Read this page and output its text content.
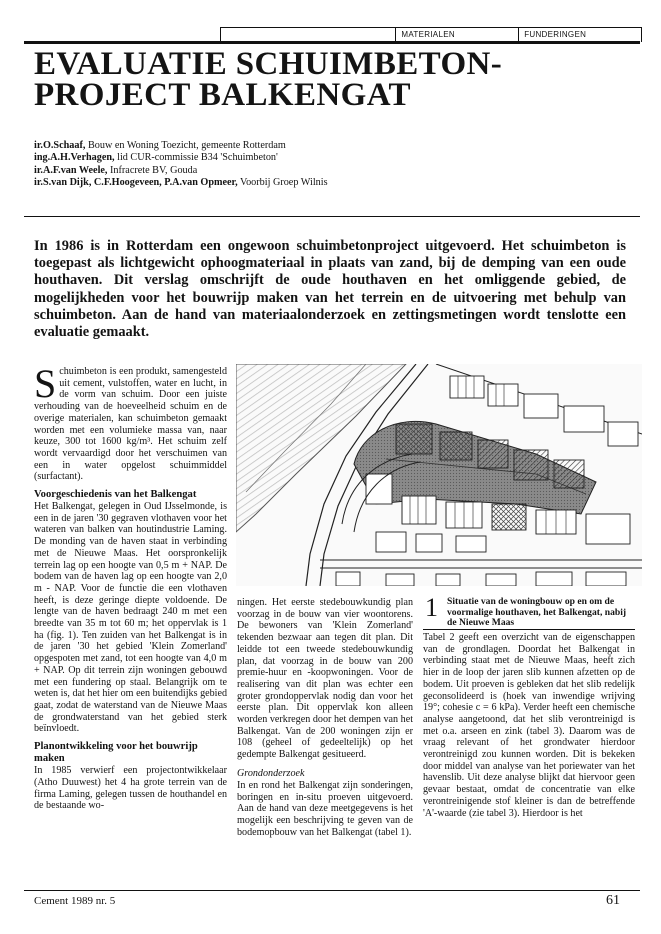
MATERIALEN	FUNDERINGEN
EVALUATIE SCHUIMBETON-
PROJECT BALKENGAT
ir.O.Schaaf, Bouw en Woning Toezicht, gemeente Rotterdam
ing.A.H.Verhagen, lid CUR-commissie B34 'Schuimbeton'
ir.A.F.van Weele, Infracrete BV, Gouda
ir.S.van Dijk, C.F.Hoogeveen, P.A.van Opmeer, Voorbij Groep Wilnis

In 1986 is in Rotterdam een ongewoon schuimbetonproject uitgevoerd. Het schuimbeton is toegepast als lichtgewicht ophoogmateriaal in plaats van zand, bij de demping van een oude houthaven. Dit verslag omschrijft de oude houthaven en het omliggende gebied, de mogelijkheden voor het bouwrijp maken van het terrein en de uitvoering met behulp van schuimbeton. Aan de hand van materiaalonderzoek en zettingsmetingen wordt tenslotte een evaluatie gemaakt.

Schuimbeton is een produkt, samengesteld uit cement, vulstoffen, water en lucht, in de vorm van schuim. Door een juiste verhouding van de hoeveelheid schuim en de overige materialen, kan schuimbeton gemaakt worden met een volumieke massa van, naar keuze, 300 tot 1600 kg/m³. Het schuim zelf wordt vervaardigd door het verschuimen van een in water opgelost schuimmiddel (surfactant).

Voorgeschiedenis van het Balkengat

Het Balkengat, gelegen in Oud IJsselmonde, is een in de jaren '30 gegraven vlothaven voor het wateren van balken van houtindustrie Laming. De monding van de haven staat in verbinding met de Nieuwe Maas. Het oorspronkelijk terrein lag op een hoogte van 0,5 m + NAP. De bodem van de haven lag op een hoogte van 2,0 m - NAP. Voor de functie die een vlothaven heeft, is deze geringe diepte voldoende. De lengte van de haven bedraagt 240 m met een breedte van 35 m tot 60 m; het oppervlak is 1 ha (fig. 1). Ten zuiden van het Balkengat is in de jaren '30 het gebied 'Klein Zomerland' opgespoten met zand, tot een hoogte van 4,0 m + NAP. Op dit terrein zijn woningen gebouwd met een fundering op staal. Belangrijk om te weten is, dat het hier om een buitendijks gebied gaat, zodat de waterstand van de Nieuwe Maas de grondwaterstand van het gebied sterk beïnvloedt.

Planontwikkeling voor het bouwrijp maken

In 1985 verwierf een projectontwikkelaar (Atho Duuwest) het 4 ha grote terrein van de firma Laming, gelegen tussen de houthandel en de bestaande wo-

ningen. Het eerste stedebouwkundig plan voorzag in de bouw van vier woontorens. De bewoners van 'Klein Zomerland' tekenden bezwaar aan tegen dit plan. Dit leidde tot een tweede stedebouwkundig plan, dat voorzag in de bouw van 200 premie-huur en -koopwoningen. Voor de realisering van dit plan was echter een groter grondoppervlak nodig dan voor het eerste plan. Dit oppervlak kon alleen worden verkregen door het dempen van het Balkengat. Van de 200 woningen zijn er 108 (geheel of gedeeltelijk) op het gedempte Balkengat gesitueerd.

Grondonderzoek

In en rond het Balkengat zijn sonderingen, boringen en in-situ proeven uitgevoerd. Aan de hand van deze meetgegevens is het mogelijk een beschrijving te geven van de bodemopbouw van het Balkengat (tabel 1).

1 Situatie van de woningbouw op en om de voormalige houthaven, het Balkengat, nabij de Nieuwe Maas

Tabel 2 geeft een overzicht van de eigenschappen van de grondlagen. Doordat het Balkengat in verbinding staat met de Nieuwe Maas, heeft zich hier in de loop der jaren slib kunnen afzetten op de bodem. Uit proeven is gebleken dat het slib redelijk geconsolideerd is (hoek van inwendige wrijving 19°; cohesie c = 6 kPa). Verder heeft een chemische analyse aangetoond, dat het slib verontreinigd is met o.a. arseen en zink (tabel 3). Daarom was de vraag relevant of het grondwater hierdoor verontreinigd zou kunnen worden. Dit is bekeken door middel van analyse van het poriewater van het havenslib. Uit deze analyse blijkt dat hiervoor geen gevaar bestaat, omdat de concentratie van elke verontreinigende stof kleiner is dan de betreffende 'A'-waarde (zie tabel 3). Hierdoor is het

Cement 1989 nr. 5	61
